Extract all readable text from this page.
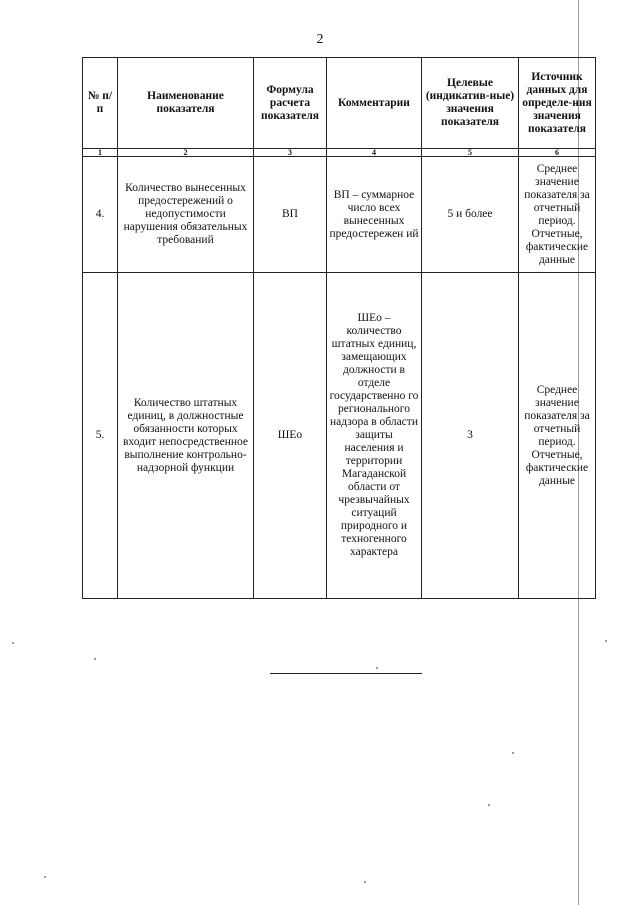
2
№ п/п	Наименование показателя	Формула расчета показателя	Комментарии	Целевые (индикатив-ные) значения показателя	Источник данных для определе-ния значения показателя
1	2	3	4	5	6
4.	Количество вынесенных предостережений о недопустимости нарушения обязательных требований	ВП	ВП – суммарное число всех вынесенных предостережен ий	5 и более	Среднее значение показателя за отчетный период. Отчетные, фактические данные
5.	Количество штатных единиц, в должностные обязанности которых входит непосредственное выполнение контрольно-надзорной функции	ШЕо	ШЕо – количество штатных единиц, замещающих должности в отделе государственно го регионального надзора в области защиты населения и территории Магаданской области от чрезвычайных ситуаций природного и техногенного характера	3	Среднее значение показателя за отчетный период. Отчетные, фактические данные
